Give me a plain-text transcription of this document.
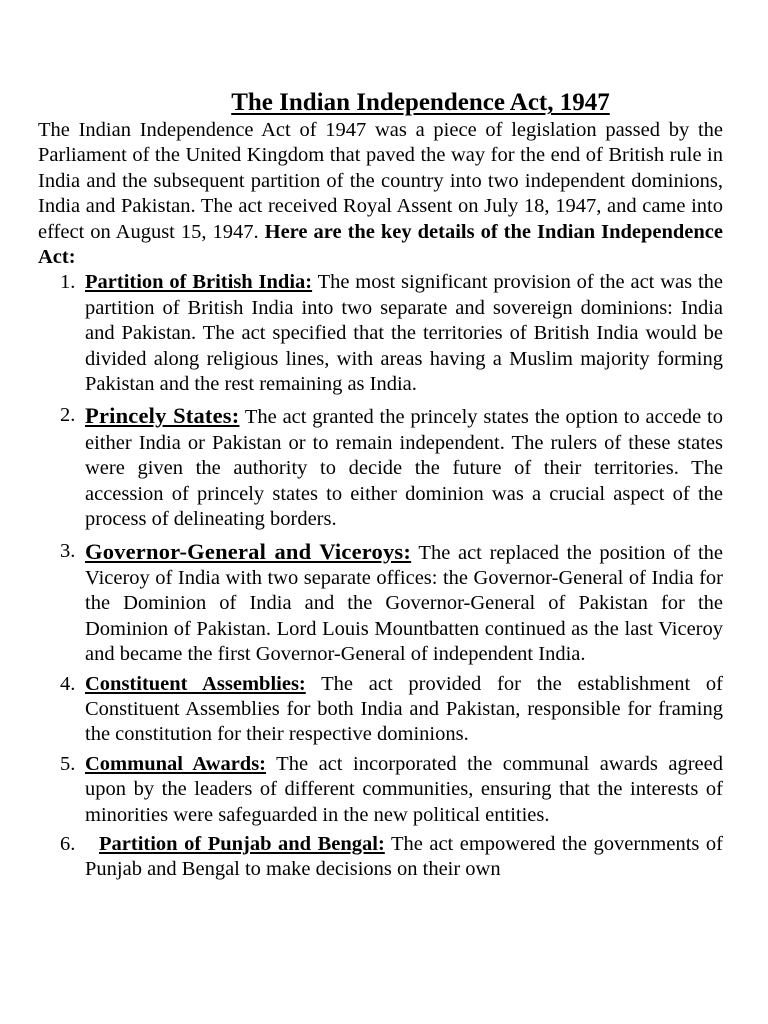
The Indian Independence Act, 1947

The Indian Independence Act of 1947 was a piece of legislation passed by the Parliament of the United Kingdom that paved the way for the end of British rule in India and the subsequent partition of the country into two independent dominions, India and Pakistan. The act received Royal Assent on July 18, 1947, and came into effect on August 15, 1947. Here are the key details of the Indian Independence Act:

1. Partition of British India: The most significant provision of the act was the partition of British India into two separate and sovereign dominions: India and Pakistan. The act specified that the territories of British India would be divided along religious lines, with areas having a Muslim majority forming Pakistan and the rest remaining as India.
2. Princely States: The act granted the princely states the option to accede to either India or Pakistan or to remain independent. The rulers of these states were given the authority to decide the future of their territories. The accession of princely states to either dominion was a crucial aspect of the process of delineating borders.
3. Governor-General and Viceroys: The act replaced the position of the Viceroy of India with two separate offices: the Governor-General of India for the Dominion of India and the Governor-General of Pakistan for the Dominion of Pakistan. Lord Louis Mountbatten continued as the last Viceroy and became the first Governor-General of independent India.
4. Constituent Assemblies: The act provided for the establishment of Constituent Assemblies for both India and Pakistan, responsible for framing the constitution for their respective dominions.
5. Communal Awards: The act incorporated the communal awards agreed upon by the leaders of different communities, ensuring that the interests of minorities were safeguarded in the new political entities.
6. Partition of Punjab and Bengal: The act empowered the governments of Punjab and Bengal to make decisions on their own
